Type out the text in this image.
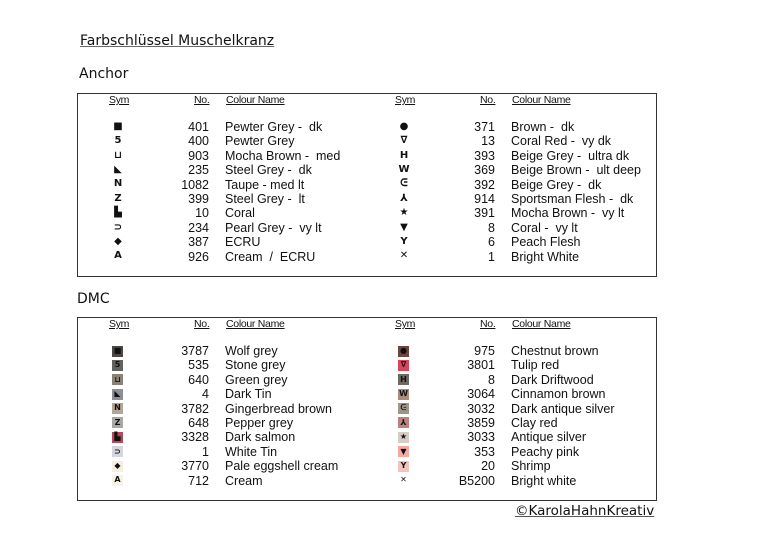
Farbschlüssel Muschelkranz
Anchor
Sym	No. Colour Name
■	401 Pewter Grey -  dk
5	400 Pewter Grey
⊔	903 Mocha Brown -  med
◣	235 Steel Grey -  dk
N	1082 Taupe - med lt
Z	399 Steel Grey -  lt
▙	10 Coral
⊃	234 Pearl Grey -  vy lt
◆	387 ECRU
A	926 Cream  /  ECRU
Sym	No. Colour Name
●	371 Brown -  dk
∇	13 Coral Red -  vy dk
H	393 Beige Grey -  ultra dk
W	369 Beige Brown -  ult deep
ᕮ	392 Beige Grey -  dk
⅄	914 Sportsman Flesh -  dk
★	391 Mocha Brown -  vy lt
▼	8 Coral -  vy lt
Y	6 Peach Flesh
✕	1 Bright White
DMC
Sym	No. Colour Name
■	3787 Wolf grey
5	535 Stone grey
⊔	640 Green grey
◣	4 Dark Tin
N	3782 Gingerbread brown
Z	648 Pepper grey
▙	3328 Dark salmon
⊃	1 White Tin
◆	3770 Pale eggshell cream
A	712 Cream
Sym	No. Colour Name
●	975 Chestnut brown
∇	3801 Tulip red
H	8 Dark Driftwood
W	3064 Cinnamon brown
ᕮ	3032 Dark antique silver
⅄	3859 Clay red
★	3033 Antique silver
▼	353 Peachy pink
Y	20 Shrimp
✕	B5200 Bright white
©KarolaHahnKreativ
